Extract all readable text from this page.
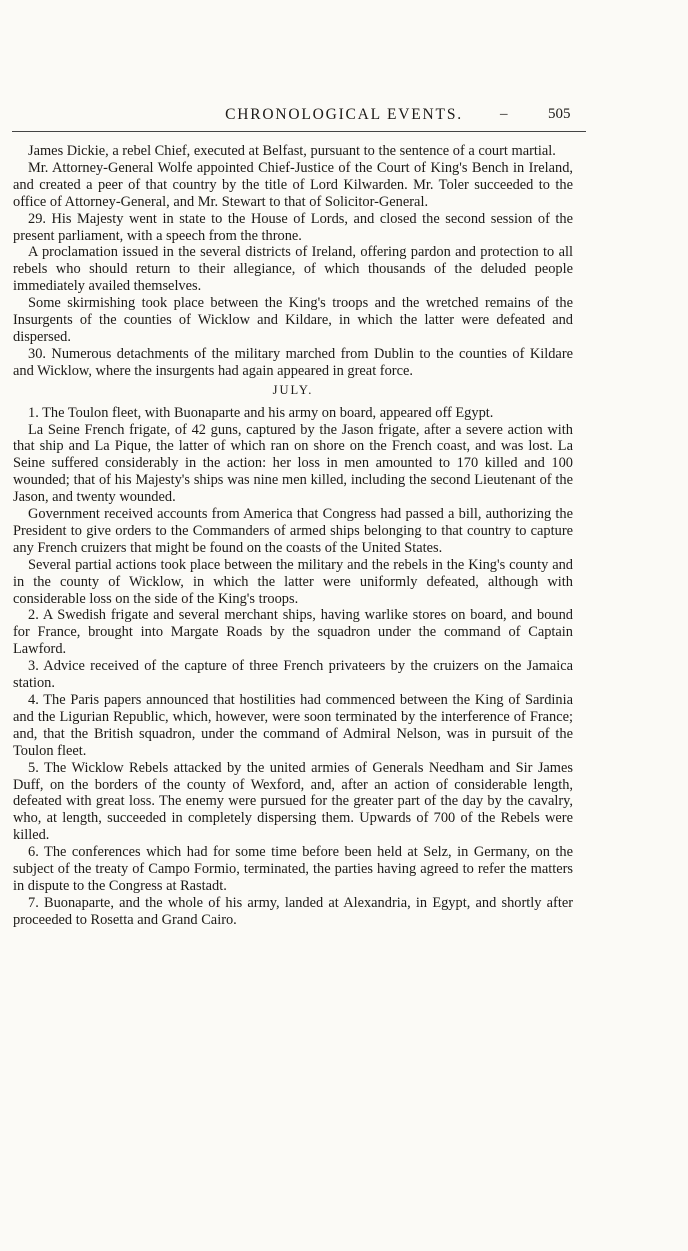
CHRONOLOGICAL EVENTS.	–	505

James Dickie, a rebel Chief, executed at Belfast, pursuant to the sentence of a court martial.

Mr. Attorney-General Wolfe appointed Chief-Justice of the Court of King's Bench in Ireland, and created a peer of that country by the title of Lord Kilwarden. Mr. Toler succeeded to the office of Attorney-General, and Mr. Stewart to that of Solicitor-General.

29. His Majesty went in state to the House of Lords, and closed the second session of the present parliament, with a speech from the throne.

A proclamation issued in the several districts of Ireland, offering pardon and protection to all rebels who should return to their allegiance, of which thousands of the deluded people immediately availed themselves.

Some skirmishing took place between the King's troops and the wretched remains of the Insurgents of the counties of Wicklow and Kildare, in which the latter were defeated and dispersed.

30. Numerous detachments of the military marched from Dublin to the counties of Kildare and Wicklow, where the insurgents had again appeared in great force.

JULY.

1. The Toulon fleet, with Buonaparte and his army on board, appeared off Egypt.

La Seine French frigate, of 42 guns, captured by the Jason frigate, after a severe action with that ship and La Pique, the latter of which ran on shore on the French coast, and was lost. La Seine suffered considerably in the action: her loss in men amounted to 170 killed and 100 wounded; that of his Majesty's ships was nine men killed, including the second Lieutenant of the Jason, and twenty wounded.

Government received accounts from America that Congress had passed a bill, authorizing the President to give orders to the Commanders of armed ships belonging to that country to capture any French cruizers that might be found on the coasts of the United States.

Several partial actions took place between the military and the rebels in the King's county and in the county of Wicklow, in which the latter were uniformly defeated, although with considerable loss on the side of the King's troops.

2. A Swedish frigate and several merchant ships, having warlike stores on board, and bound for France, brought into Margate Roads by the squadron under the command of Captain Lawford.

3. Advice received of the capture of three French privateers by the cruizers on the Jamaica station.

4. The Paris papers announced that hostilities had commenced between the King of Sardinia and the Ligurian Republic, which, however, were soon terminated by the interference of France; and, that the British squadron, under the command of Admiral Nelson, was in pursuit of the Toulon fleet.

5. The Wicklow Rebels attacked by the united armies of Generals Needham and Sir James Duff, on the borders of the county of Wexford, and, after an action of considerable length, defeated with great loss. The enemy were pursued for the greater part of the day by the cavalry, who, at length, succeeded in completely dispersing them. Upwards of 700 of the Rebels were killed.

6. The conferences which had for some time before been held at Selz, in Germany, on the subject of the treaty of Campo Formio, terminated, the parties having agreed to refer the matters in dispute to the Congress at Rastadt.

7. Buonaparte, and the whole of his army, landed at Alexandria, in Egypt, and shortly after proceeded to Rosetta and Grand Cairo.
